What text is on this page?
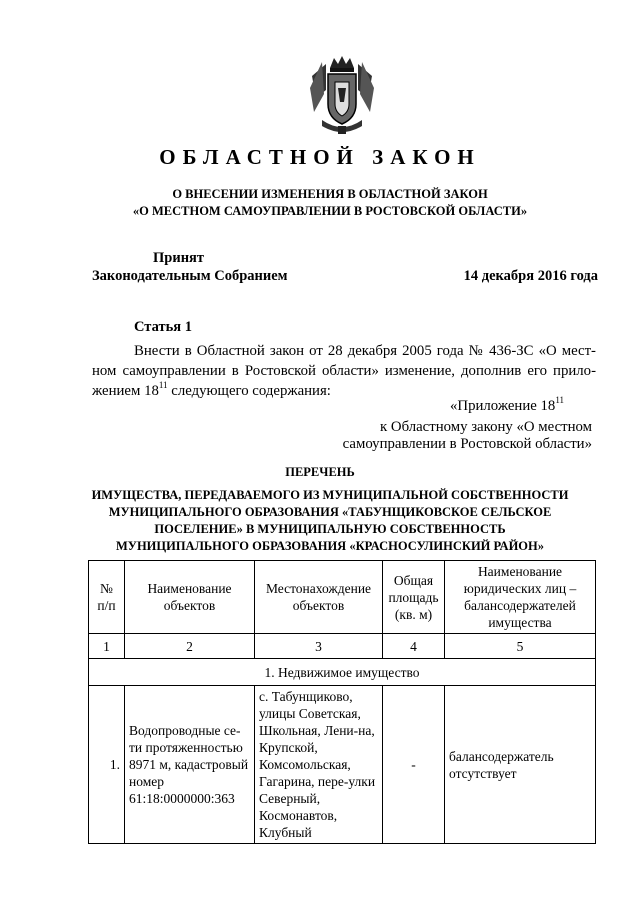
ОБЛАСТНОЙ ЗАКОН
О ВНЕСЕНИИ ИЗМЕНЕНИЯ В ОБЛАСТНОЙ ЗАКОН
«О МЕСТНОМ САМОУПРАВЛЕНИИ В РОСТОВСКОЙ ОБЛАСТИ»
Принят
Законодательным Собранием	14 декабря 2016 года
Статья 1
Внести в Областной закон от 28 декабря 2005 года № 436-ЗС «О мест-
ном самоуправлении в Ростовской области» изменение, дополнив его прило-
жением $18^{11}$ следующего содержания:
«Приложение $18^{11}$
к Областному закону «О местном
самоуправлении в Ростовской области»
ПЕРЕЧЕНЬ
ИМУЩЕСТВА, ПЕРЕДАВАЕМОГО ИЗ МУНИЦИПАЛЬНОЙ СОБСТВЕННОСТИ
МУНИЦИПАЛЬНОГО ОБРАЗОВАНИЯ «ТАБУНЩИКОВСКОЕ СЕЛЬСКОЕ
ПОСЕЛЕНИЕ» В МУНИЦИПАЛЬНУЮ СОБСТВЕННОСТЬ
МУНИЦИПАЛЬНОГО ОБРАЗОВАНИЯ «КРАСНОСУЛИНСКИЙ РАЙОН»
№ п/п	Наименование объектов	Местонахождение объектов	Общая площадь (кв. м)	Наименование юридических лиц – балансодержателей имущества
1	2	3	4	5
1. Недвижимое имущество				
1.	Водопроводные се-ти протяженностью 8971 м, кадастровый номер 61:18:0000000:363	с. Табунщиково, улицы Советская, Школьная, Лени-на, Крупской, Комсомольская, Гагарина, пере-улки Северный, Космонавтов, Клубный	-	балансодержатель отсутствует
